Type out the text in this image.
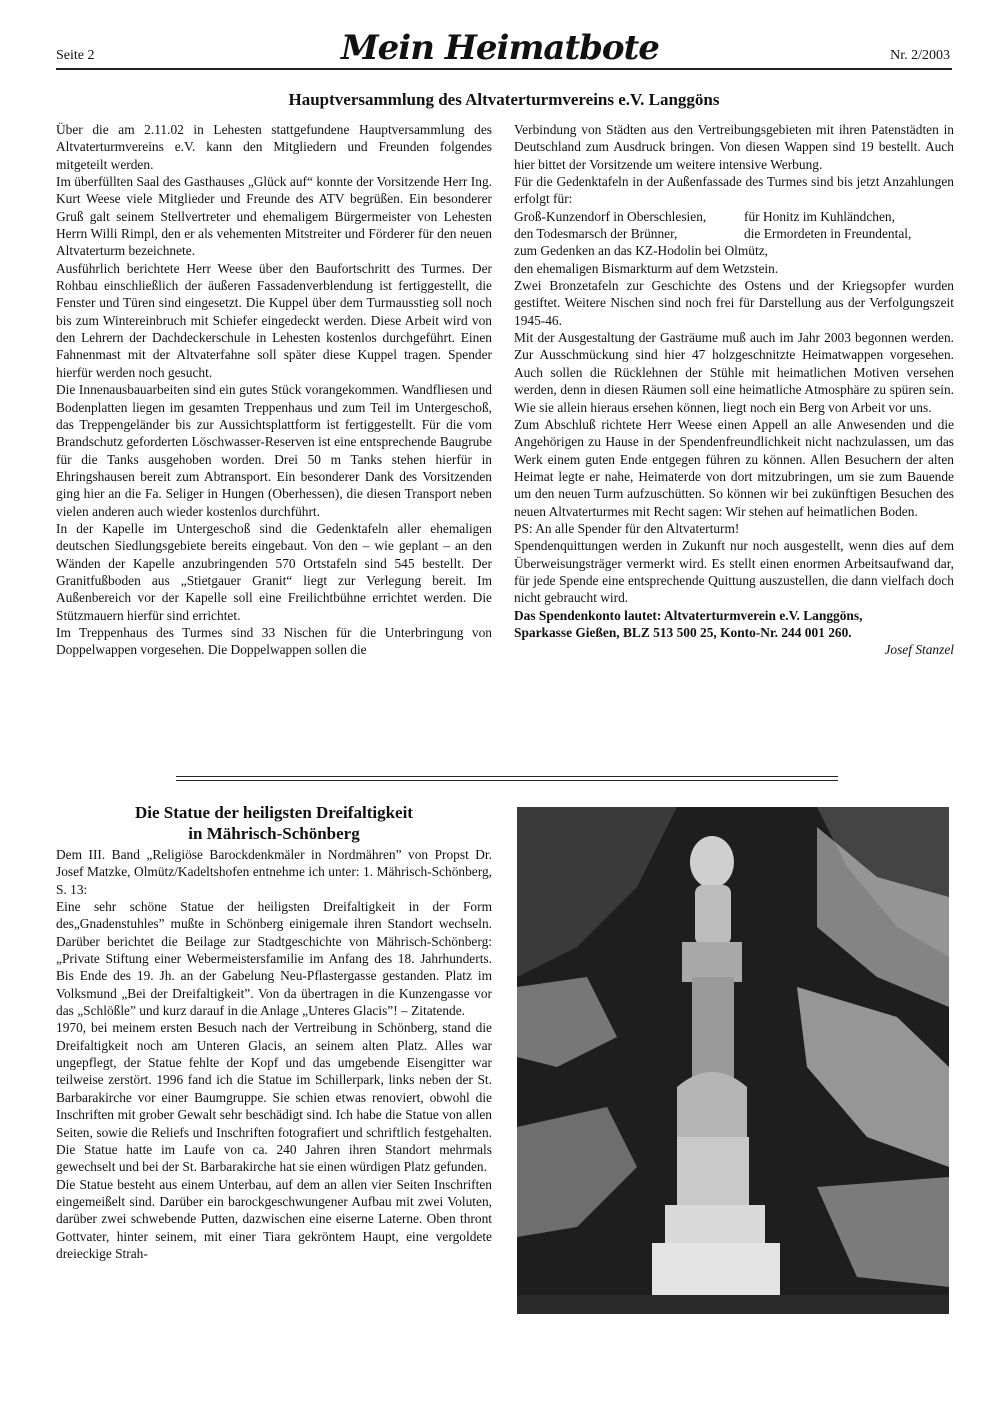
Seite 2	Mein Heimatbote	Nr. 2/2003
Hauptversammlung des Altvaterturmvereins e.V. Langgöns

Über die am 2.11.02 in Lehesten stattgefundene Hauptversammlung des Altvaterturmvereins e.V. kann den Mitgliedern und Freunden folgendes mitgeteilt werden.

Im überfüllten Saal des Gasthauses „Glück auf“ konnte der Vorsitzende Herr Ing. Kurt Weese viele Mitglieder und Freunde des ATV begrüßen. Ein besonderer Gruß galt seinem Stellvertreter und ehemaligem Bürgermeister von Lehesten Herrn Willi Rimpl, den er als vehementen Mitstreiter und Förderer für den neuen Altvaterturm bezeichnete.

Ausführlich berichtete Herr Weese über den Baufortschritt des Turmes. Der Rohbau einschließlich der äußeren Fassadenverblendung ist fertiggestellt, die Fenster und Türen sind eingesetzt. Die Kuppel über dem Turmausstieg soll noch bis zum Wintereinbruch mit Schiefer eingedeckt werden. Diese Arbeit wird von den Lehrern der Dachdeckerschule in Lehesten kostenlos durchgeführt. Einen Fahnenmast mit der Altvaterfahne soll später diese Kuppel tragen. Spender hierfür werden noch gesucht.

Die Innenausbauarbeiten sind ein gutes Stück vorangekommen. Wandfliesen und Bodenplatten liegen im gesamten Treppenhaus und zum Teil im Untergeschoß, das Treppengeländer bis zur Aussichtsplattform ist fertiggestellt. Für die vom Brandschutz geforderten Löschwasser-Reserven ist eine entsprechende Baugrube für die Tanks ausgehoben worden. Drei 50 m Tanks stehen hierfür in Ehringshausen bereit zum Abtransport. Ein besonderer Dank des Vorsitzenden ging hier an die Fa. Seliger in Hungen (Oberhessen), die diesen Transport neben vielen anderen auch wieder kostenlos durchführt.

In der Kapelle im Untergeschoß sind die Gedenktafeln aller ehemaligen deutschen Siedlungsgebiete bereits eingebaut. Von den – wie geplant – an den Wänden der Kapelle anzubringenden 570 Ortstafeln sind 545 bestellt. Der Granitfußboden aus „Stietgauer Granit“ liegt zur Verlegung bereit. Im Außenbereich vor der Kapelle soll eine Freilichtbühne errichtet werden. Die Stützmauern hierfür sind errichtet.

Im Treppenhaus des Turmes sind 33 Nischen für die Unterbringung von Doppelwappen vorgesehen. Die Doppelwappen sollen die

Verbindung von Städten aus den Vertreibungsgebieten mit ihren Patenstädten in Deutschland zum Ausdruck bringen. Von diesen Wappen sind 19 bestellt. Auch hier bittet der Vorsitzende um weitere intensive Werbung.

Für die Gedenktafeln in der Außenfassade des Turmes sind bis jetzt Anzahlungen erfolgt für:

Groß-Kunzendorf in Oberschlesien,	für Honitz im Kuhländchen,
den Todesmarsch der Brünner,	die Ermordeten in Freundental,

zum Gedenken an das KZ-Hodolin bei Olmütz,

den ehemaligen Bismarkturm auf dem Wetzstein.

Zwei Bronzetafeln zur Geschichte des Ostens und der Kriegsopfer wurden gestiftet. Weitere Nischen sind noch frei für Darstellung aus der Verfolgungszeit 1945-46.

Mit der Ausgestaltung der Gasträume muß auch im Jahr 2003 begonnen werden. Zur Ausschmückung sind hier 47 holzgeschnitzte Heimatwappen vorgesehen. Auch sollen die Rücklehnen der Stühle mit heimatlichen Motiven versehen werden, denn in diesen Räumen soll eine heimatliche Atmosphäre zu spüren sein. Wie sie allein hieraus ersehen können, liegt noch ein Berg von Arbeit vor uns.

Zum Abschluß richtete Herr Weese einen Appell an alle Anwesenden und die Angehörigen zu Hause in der Spendenfreundlichkeit nicht nachzulassen, um das Werk einem guten Ende entgegen führen zu können. Allen Besuchern der alten Heimat legte er nahe, Heimaterde von dort mitzubringen, um sie zum Bauende um den neuen Turm aufzuschütten. So können wir bei zukünftigen Besuchen des neuen Altvaterturmes mit Recht sagen: Wir stehen auf heimatlichen Boden.

PS: An alle Spender für den Altvaterturm!

Spendenquittungen werden in Zukunft nur noch ausgestellt, wenn dies auf dem Überweisungsträger vermerkt wird. Es stellt einen enormen Arbeitsaufwand dar, für jede Spende eine entsprechende Quittung auszustellen, die dann vielfach doch nicht gebraucht wird.

Das Spendenkonto lautet: Altvaterturmverein e.V. Langgöns,

Sparkasse Gießen, BLZ 513 500 25, Konto-Nr. 244 001 260.

Josef Stanzel

Die Statue der heiligsten Dreifaltigkeit
in Mährisch-Schönberg

Dem III. Band „Religiöse Barockdenkmäler in Nordmähren” von Propst Dr. Josef Matzke, Olmütz/Kadeltshofen entnehme ich unter: 1. Mährisch-Schönberg, S. 13:

Eine sehr schöne Statue der heiligsten Dreifaltigkeit in der Form des„Gnadenstuhles” mußte in Schönberg einigemale ihren Standort wechseln. Darüber berichtet die Beilage zur Stadtgeschichte von Mährisch-Schönberg: „Private Stiftung einer Webermeistersfamilie im Anfang des 18. Jahrhunderts. Bis Ende des 19. Jh. an der Gabelung Neu-Pflastergasse gestanden. Platz im Volksmund „Bei der Dreifaltigkeit”. Von da übertragen in die Kunzengasse vor das „Schlößle” und kurz darauf in die Anlage „Unteres Glacis”! – Zitatende.

1970, bei meinem ersten Besuch nach der Vertreibung in Schönberg, stand die Dreifaltigkeit noch am Unteren Glacis, an seinem alten Platz. Alles war ungepflegt, der Statue fehlte der Kopf und das umgebende Eisengitter war teilweise zerstört. 1996 fand ich die Statue im Schillerpark, links neben der St. Barbarakirche vor einer Baumgruppe. Sie schien etwas renoviert, obwohl die Inschriften mit grober Gewalt sehr beschädigt sind. Ich habe die Statue von allen Seiten, sowie die Reliefs und Inschriften fotografiert und schriftlich festgehalten. Die Statue hatte im Laufe von ca. 240 Jahren ihren Standort mehrmals gewechselt und bei der St. Barbarakirche hat sie einen würdigen Platz gefunden.

Die Statue besteht aus einem Unterbau, auf dem an allen vier Seiten Inschriften eingemeißelt sind. Darüber ein barockgeschwungener Aufbau mit zwei Voluten, darüber zwei schwebende Putten, dazwischen eine eiserne Laterne. Oben thront Gottvater, hinter seinem, mit einer Tiara gekröntem Haupt, eine vergoldete dreieckige Strah-
